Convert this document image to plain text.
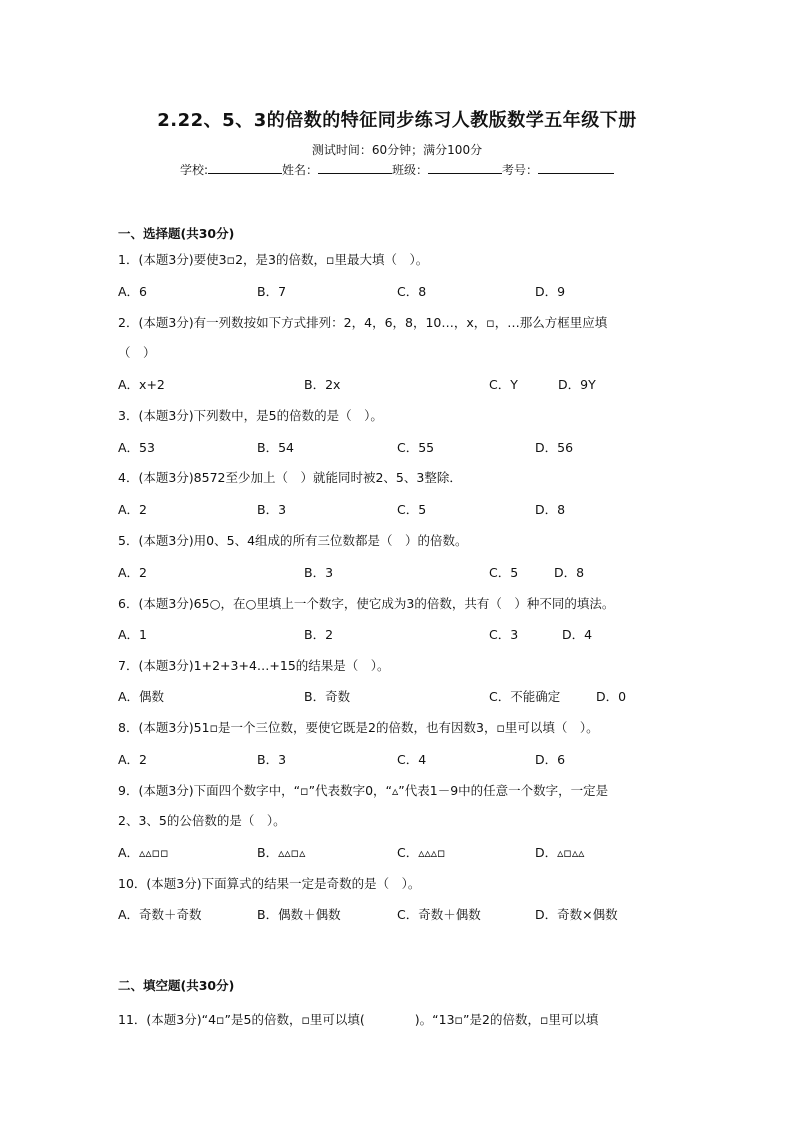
2.22、5、3的倍数的特征同步练习人教版数学五年级下册
测试时间：60分钟；满分100分
学校:	姓名：	班级：	考号：
一、选择题(共30分)
1．(本题3分)要使3▫2，是3的倍数，▫里最大填（　）。
A．6	B．7	C．8	D．9
2．(本题3分)有一列数按如下方式排列：2，4，6，8，10…，x，▫，…那么方框里应填
（　）
A．x+2	B．2x	C．Y	D．9Y
3．(本题3分)下列数中，是5的倍数的是（　）。
A．53	B．54	C．55	D．56
4．(本题3分)8572至少加上（　）就能同时被2、5、3整除．
A．2	B．3	C．5	D．8
5．(本题3分)用0、5、4组成的所有三位数都是（　）的倍数。
A．2	B．3	C．5	D．8
6．(本题3分)65○，在○里填上一个数字，使它成为3的倍数，共有（　）种不同的填法。
A．1	B．2	C．3	D．4
7．(本题3分)1+2+3+4…+15的结果是（　）。
A．偶数	B．奇数	C．不能确定	D．0
8．(本题3分)51▫是一个三位数，要使它既是2的倍数，也有因数3，▫里可以填（　）。
A．2	B．3	C．4	D．6
9．(本题3分)下面四个数字中，“▫”代表数字0，“▵”代表1－9中的任意一个数字，一定是
2、3、5的公倍数的是（　）。
A．▵▵▫▫	B．▵▵▫▵	C．▵▵▵▫	D．▵▫▵▵
10．(本题3分)下面算式的结果一定是奇数的是（　）。
A．奇数＋奇数	B．偶数＋偶数	C．奇数＋偶数	D．奇数×偶数
二、填空题(共30分)
11．(本题3分)“4▫”是5的倍数，▫里可以填(　　　　)。“13▫”是2的倍数，▫里可以填
